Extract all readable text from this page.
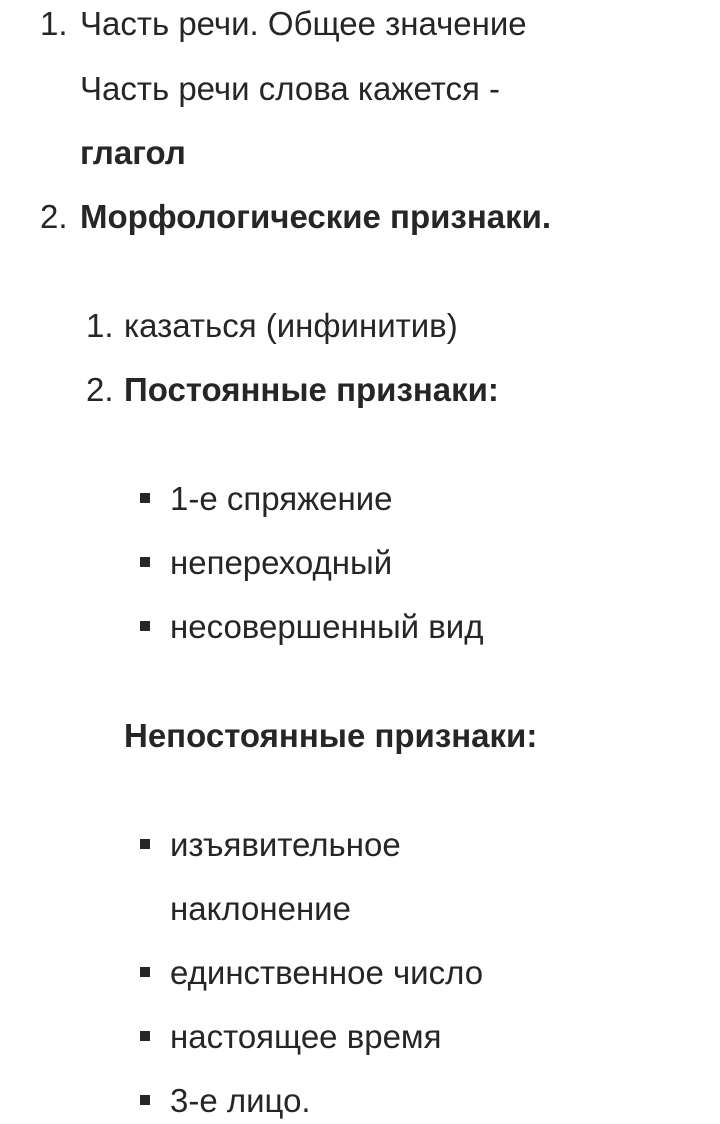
1. Часть речи. Общее значение
Часть речи слова кажется -
глагол
2. Морфологические признаки.
1. казаться (инфинитив)
2. Постоянные признаки:
1-е спряжение
непереходный
несовершенный вид
Непостоянные признаки:
изъявительное
наклонение
единственное число
настоящее время
3-е лицо.
